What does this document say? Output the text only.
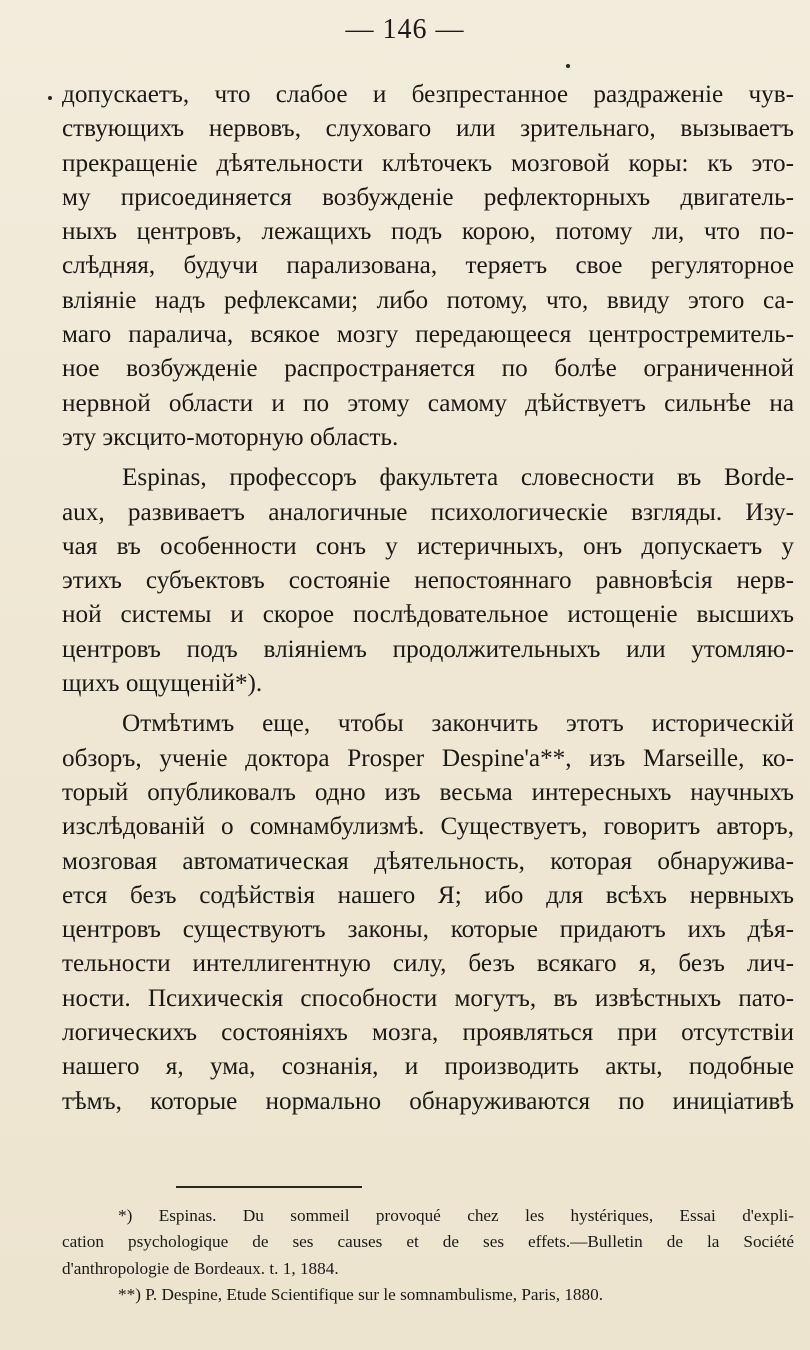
— 146 —

допускаетъ, что слабое и безпрестанное раздраженіе чув-

ствующихъ нервовъ, слуховаго или зрительнаго, вызываетъ

прекращеніе дѣятельности клѣточекъ мозговой коры: къ это-

му присоединяется возбужденіе рефлекторныхъ двигатель-

ныхъ центровъ, лежащихъ подъ корою, потому ли, что по-

слѣдняя, будучи парализована, теряетъ свое регуляторное

вліяніе надъ рефлексами; либо потому, что, ввиду этого са-

маго паралича, всякое мозгу передающееся центростремитель-

ное возбужденіе распространяется по болѣе ограниченной

нервной области и по этому самому дѣйствуетъ сильнѣе на

эту эксцито-моторную область.

Espinas, профессоръ факультета словесности въ Bordе-

aux, развиваетъ аналогичные психологическіе взгляды. Изу-

чая въ особенности сонъ у истеричныхъ, онъ допускаетъ у

этихъ субъектовъ состояніе непостояннаго равновѣсія нерв-

ной системы и скорое послѣдовательное истощеніе высшихъ

центровъ подъ вліяніемъ продолжительныхъ или утомляю-

щихъ ощущеній*).

Отмѣтимъ еще, чтобы закончить этотъ историческій

обзоръ, ученіе доктора Prosper Despine'а**, изъ Marseille, ко-

торый опубликовалъ одно изъ весьма интересныхъ научныхъ

изслѣдованій о сомнамбулизмѣ. Существуетъ, говоритъ авторъ,

мозговая автоматическая дѣятельность, которая обнаружива-

ется безъ содѣйствія нашего Я; ибо для всѣхъ нервныхъ

центровъ существуютъ законы, которые придаютъ ихъ дѣя-

тельности интеллигентную силу, безъ всякаго я, безъ лич-

ности. Психическія способности могутъ, въ извѣстныхъ пато-

логическихъ состояніяхъ мозга, проявляться при отсутствіи

нашего я, ума, сознанія, и производить акты, подобные

тѣмъ, которые нормально обнаруживаются по иниціативѣ

*) Espinas. Du sommeil provoqué chez les hystériques, Essai d'expli-

cation psychologique de ses causes et de ses effets.—Bulletin de la Société

d'anthropologie de Bordeaux. t. 1, 1884.

**) P. Despine, Etude Scientifique sur le somnambulisme, Paris, 1880.
